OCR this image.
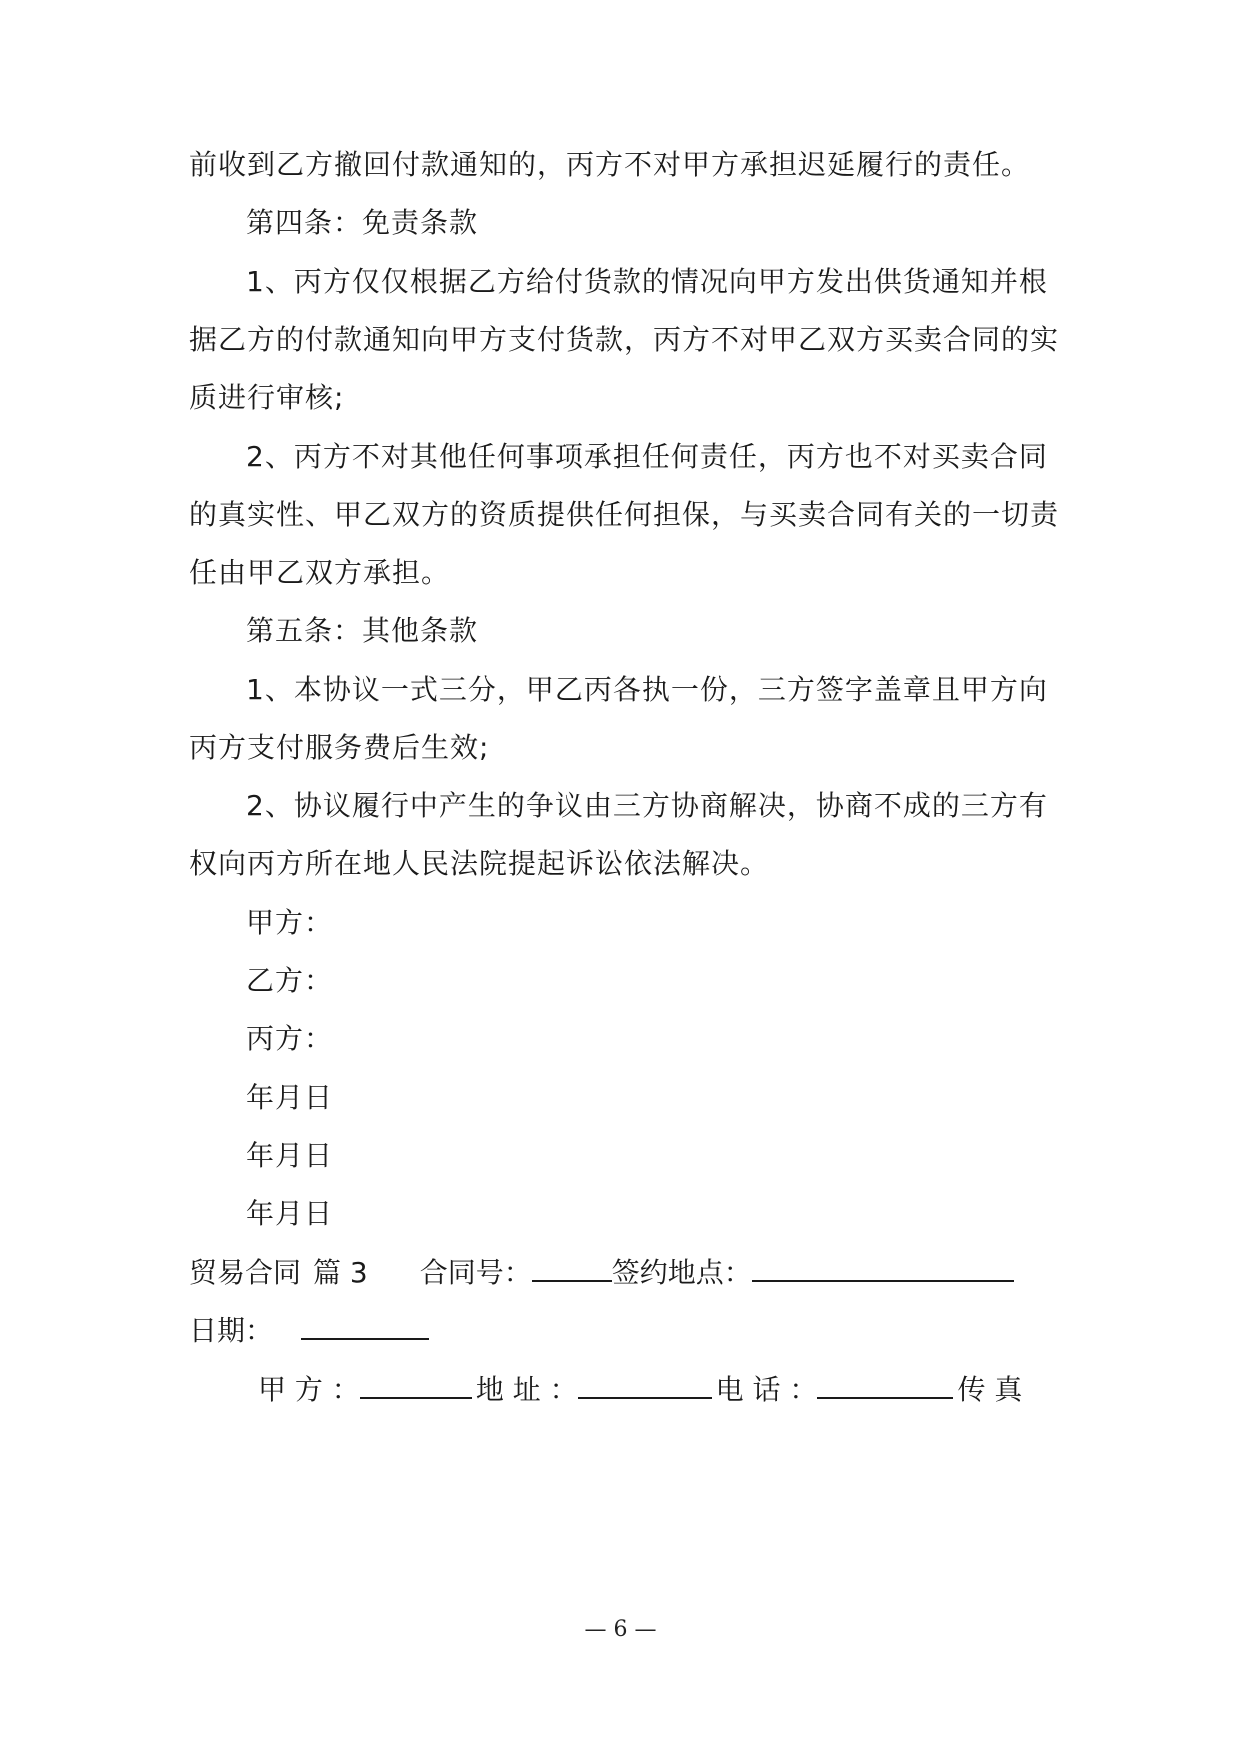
前收到乙方撤回付款通知的，丙方不对甲方承担迟延履行的责任。
第四条：免责条款
1、丙方仅仅根据乙方给付货款的情况向甲方发出供货通知并根
据乙方的付款通知向甲方支付货款，丙方不对甲乙双方买卖合同的实
质进行审核;
2、丙方不对其他任何事项承担任何责任，丙方也不对买卖合同
的真实性、甲乙双方的资质提供任何担保，与买卖合同有关的一切责
任由甲乙双方承担。
第五条：其他条款
1、本协议一式三分，甲乙丙各执一份，三方签字盖章且甲方向
丙方支付服务费后生效;
2、协议履行中产生的争议由三方协商解决，协商不成的三方有
权向丙方所在地人民法院提起诉讼依法解决。
甲方：
乙方：
丙方：
年月日
年月日
年月日
贸易合同 篇 3 合同号：	签约地点：
日期：
甲 方 ：	地 址 ：	电 话 ：	传 真
— 6 —
